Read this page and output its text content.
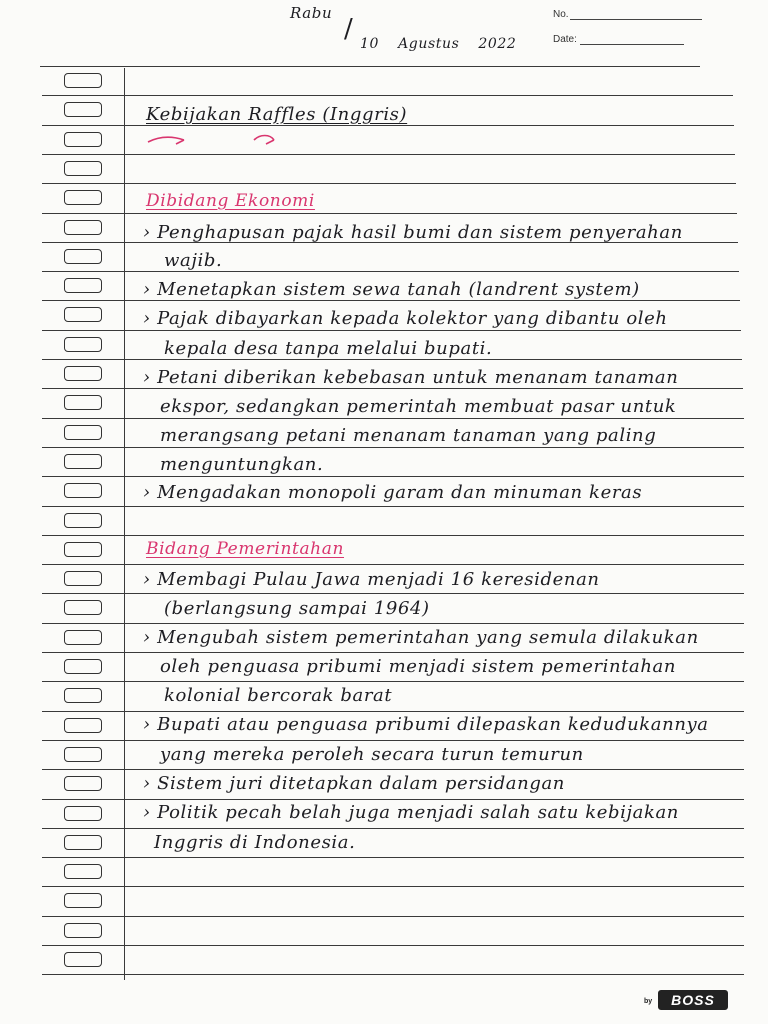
Rabu
/ 10 Agustus 2022
No.
Date:
Kebijakan Raffles (Inggris)
Dibidang Ekonomi
› Penghapusan pajak hasil bumi dan sistem penyerahan
wajib.
› Menetapkan sistem sewa tanah (landrent system)
› Pajak dibayarkan kepada kolektor yang dibantu oleh
kepala desa tanpa melalui bupati.
› Petani diberikan kebebasan untuk menanam tanaman
ekspor, sedangkan pemerintah membuat pasar untuk
merangsang petani menanam tanaman yang paling
menguntungkan.
› Mengadakan monopoli garam dan minuman keras
Bidang Pemerintahan
› Membagi Pulau Jawa menjadi 16 keresidenan
(berlangsung sampai 1964)
› Mengubah sistem pemerintahan yang semula dilakukan
oleh penguasa pribumi menjadi sistem pemerintahan
kolonial bercorak barat
› Bupati atau penguasa pribumi dilepaskan kedudukannya
yang mereka peroleh secara turun temurun
› Sistem juri ditetapkan dalam persidangan
› Politik pecah belah juga menjadi salah satu kebijakan
Inggris di Indonesia.
by	BOSS
